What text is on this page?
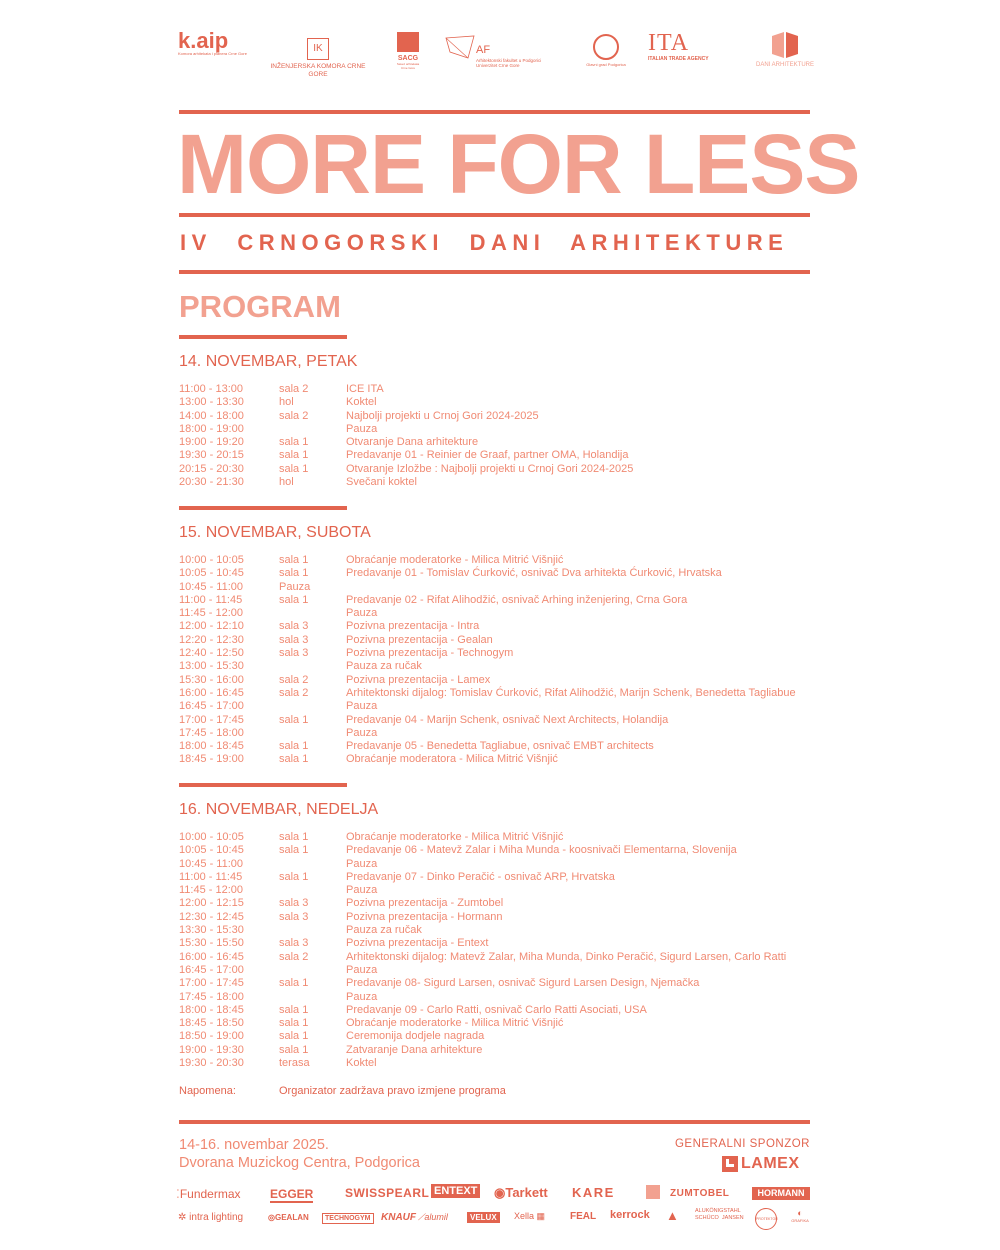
k.aip
Komora arhitekata i planera Crne Gore	IK
INŽENJERSKA KOMORA CRNE GORE
SACG
Savez arhitekata Crne Gore
AF
Arhitektonski fakultet u Podgorici Univerzitet Crne Gore	Glavni grad Podgorica
ITA
ITALIAN TRADE AGENCY
DANI ARHITEKTURE
MORE FOR LESS
IV CRNOGORSKI DANI ARHITEKTURE
PROGRAM
14. NOVEMBAR, PETAK
11:00 - 13:00	sala 2	ICE ITA
13:00 - 13:30	hol	Koktel
14:00 - 18:00	sala 2	Najbolji projekti u Crnoj Gori 2024-2025
18:00 - 19:00	Pauza
19:00 - 19:20	sala 1	Otvaranje Dana arhitekture
19:30 - 20:15	sala 1	Predavanje 01 - Reinier de Graaf, partner OMA, Holandija
20:15 - 20:30	sala 1	Otvaranje Izložbe : Najbolji projekti u Crnoj Gori 2024-2025
20:30 - 21:30	hol	Svečani koktel
15. NOVEMBAR, SUBOTA
10:00 - 10:05	sala 1	Obraćanje moderatorke - Milica Mitrić Višnjić
10:05 - 10:45	sala 1	Predavanje 01 - Tomislav Ćurković, osnivač Dva arhitekta Ćurković, Hrvatska
10:45 - 11:00	Pauza
11:00 - 11:45	sala 1	Predavanje 02 - Rifat Alihodžić, osnivač Arhing inženjering, Crna Gora
11:45 - 12:00	Pauza
12:00 - 12:10	sala 3	Pozivna prezentacija - Intra
12:20 - 12:30	sala 3	Pozivna prezentacija - Gealan
12:40 - 12:50	sala 3	Pozivna prezentacija - Technogym
13:00 - 15:30	Pauza za ručak
15:30 - 16:00	sala 2	Pozivna prezentacija - Lamex
16:00 - 16:45	sala 2	Arhitektonski dijalog: Tomislav Ćurković, Rifat Alihodžić, Marijn Schenk, Benedetta Tagliabue
16:45 - 17:00	Pauza
17:00 - 17:45	sala 1	Predavanje 04 - Marijn Schenk, osnivač Next Architects, Holandija
17:45 - 18:00	Pauza
18:00 - 18:45	sala 1	Predavanje 05 - Benedetta Tagliabue, osnivač EMBT architects
18:45 - 19:00	sala 1	Obraćanje moderatora - Milica Mitrić Višnjić
16. NOVEMBAR, NEDELJA
10:00 - 10:05	sala 1	Obraćanje moderatorke - Milica Mitrić Višnjić
10:05 - 10:45	sala 1	Predavanje 06 - Matevž Zalar i Miha Munda - koosnivači Elementarna, Slovenija
10:45 - 11:00	Pauza
11:00 - 11:45	sala 1	Predavanje 07 - Dinko Peračić - osnivač ARP, Hrvatska
11:45 - 12:00	Pauza
12:00 - 12:15	sala 3	Pozivna prezentacija - Zumtobel
12:30 - 12:45	sala 3	Pozivna prezentacija - Hormann
13:30 - 15:30	Pauza za ručak
15:30 - 15:50	sala 3	Pozivna prezentacija - Entext
16:00 - 16:45	sala 2	Arhitektonski dijalog: Matevž Zalar, Miha Munda, Dinko Peračić, Sigurd Larsen, Carlo Ratti
16:45 - 17:00	Pauza
17:00 - 17:45	sala 1	Predavanje 08- Sigurd Larsen, osnivač Sigurd Larsen Design, Njemačka
17:45 - 18:00	Pauza
18:00 - 18:45	sala 1	Predavanje 09 - Carlo Ratti, osnivač Carlo Ratti Asociati, USA
18:45 - 18:50	sala 1	Obraćanje moderatorke - Milica Mitrić Višnjić
18:50 - 19:00	sala 1	Ceremonija dodjele nagrada
19:00 - 19:30	sala 1	Zatvaranje Dana arhitekture
19:30 - 20:30	terasa	Koktel
Napomena:	Organizator zadržava pravo izmjene programa
14-16. novembar 2025.
Dvorana Muzickog Centra, Podgorica
GENERALNI SPONZOR
LAMEX
⁚Fundermax EGGER	SWISSPEARL ENTEXT ◉Tarkett KARE	ZUMTOBEL	HORMANN
✲ intra lighting	◎GEALAN	TECHNOGYM	KNAUF ⟋alumil	VELUX	Xella ▦ FEAL kerrock ▲	ALUKÖNIGSTAHL
SCHÜCO JANSEN	PROTEKTOR
◐
GRAFIKA
